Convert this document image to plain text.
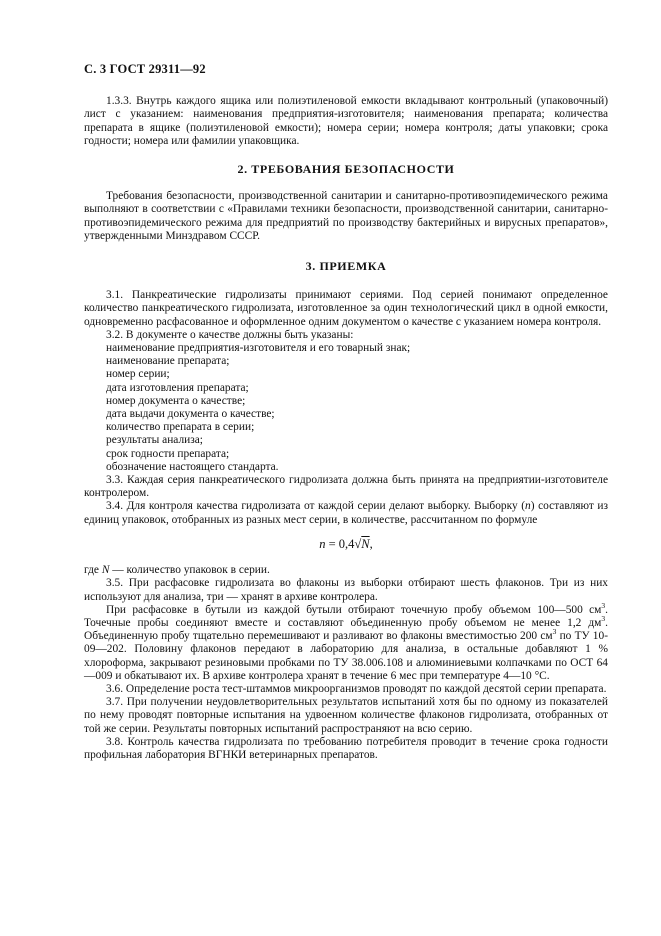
С. 3 ГОСТ 29311—92

1.3.3. Внутрь каждого ящика или полиэтиленовой емкости вкладывают контрольный (упаковочный) лист с указанием: наименования предприятия-изготовителя; наименования препарата; количества препарата в ящике (полиэтиленовой емкости); номера серии; номера контроля; даты упаковки; срока годности; номера или фамилии упаковщика.

2. ТРЕБОВАНИЯ БЕЗОПАСНОСТИ

Требования безопасности, производственной санитарии и санитарно-противоэпидемического режима выполняют в соответствии с «Правилами техники безопасности, производственной санитарии, санитарно-противоэпидемического режима для предприятий по производству бактерийных и вирусных препаратов», утвержденными Минздравом СССР.

3. ПРИЕМКА

3.1. Панкреатические гидролизаты принимают сериями. Под серией понимают определенное количество панкреатического гидролизата, изготовленное за один технологический цикл в одной емкости, одновременно расфасованное и оформленное одним документом о качестве с указанием номера контроля.

3.2. В документе о качестве должны быть указаны:

наименование предприятия-изготовителя и его товарный знак;
наименование препарата;
номер серии;
дата изготовления препарата;
номер документа о качестве;
дата выдачи документа о качестве;
количество препарата в серии;
результаты анализа;
срок годности препарата;
обозначение настоящего стандарта.

3.3. Каждая серия панкреатического гидролизата должна быть принята на предприятии-изготовителе контролером.

3.4. Для контроля качества гидролизата от каждой серии делают выборку. Выборку (n) составляют из единиц упаковок, отобранных из разных мест серии, в количестве, рассчитанном по формуле

n = 0,4√N,

где N — количество упаковок в серии.

3.5. При расфасовке гидролизата во флаконы из выборки отбирают шесть флаконов. Три из них используют для анализа, три — хранят в архиве контролера.

При расфасовке в бутыли из каждой бутыли отбирают точечную пробу объемом 100—500 $см^3$. Точечные пробы соединяют вместе и составляют объединенную пробу объемом не менее 1,2 $дм^3$. Объединенную пробу тщательно перемешивают и разливают во флаконы вместимостью 200 $см^3$ по ТУ 10-09—202. Половину флаконов передают в лабораторию для анализа, в остальные добавляют 1 % хлороформа, закрывают резиновыми пробками по ТУ 38.006.108 и алюминиевыми колпачками по ОСТ 64—009 и обкатывают их. В архиве контролера хранят в течение 6 мес при температуре 4—10 °С.

3.6. Определение роста тест-штаммов микроорганизмов проводят по каждой десятой серии препарата.

3.7. При получении неудовлетворительных результатов испытаний хотя бы по одному из показателей по нему проводят повторные испытания на удвоенном количестве флаконов гидролизата, отобранных от той же серии. Результаты повторных испытаний распространяют на всю серию.

3.8. Контроль качества гидролизата по требованию потребителя проводит в течение срока годности профильная лаборатория ВГНКИ ветеринарных препаратов.
